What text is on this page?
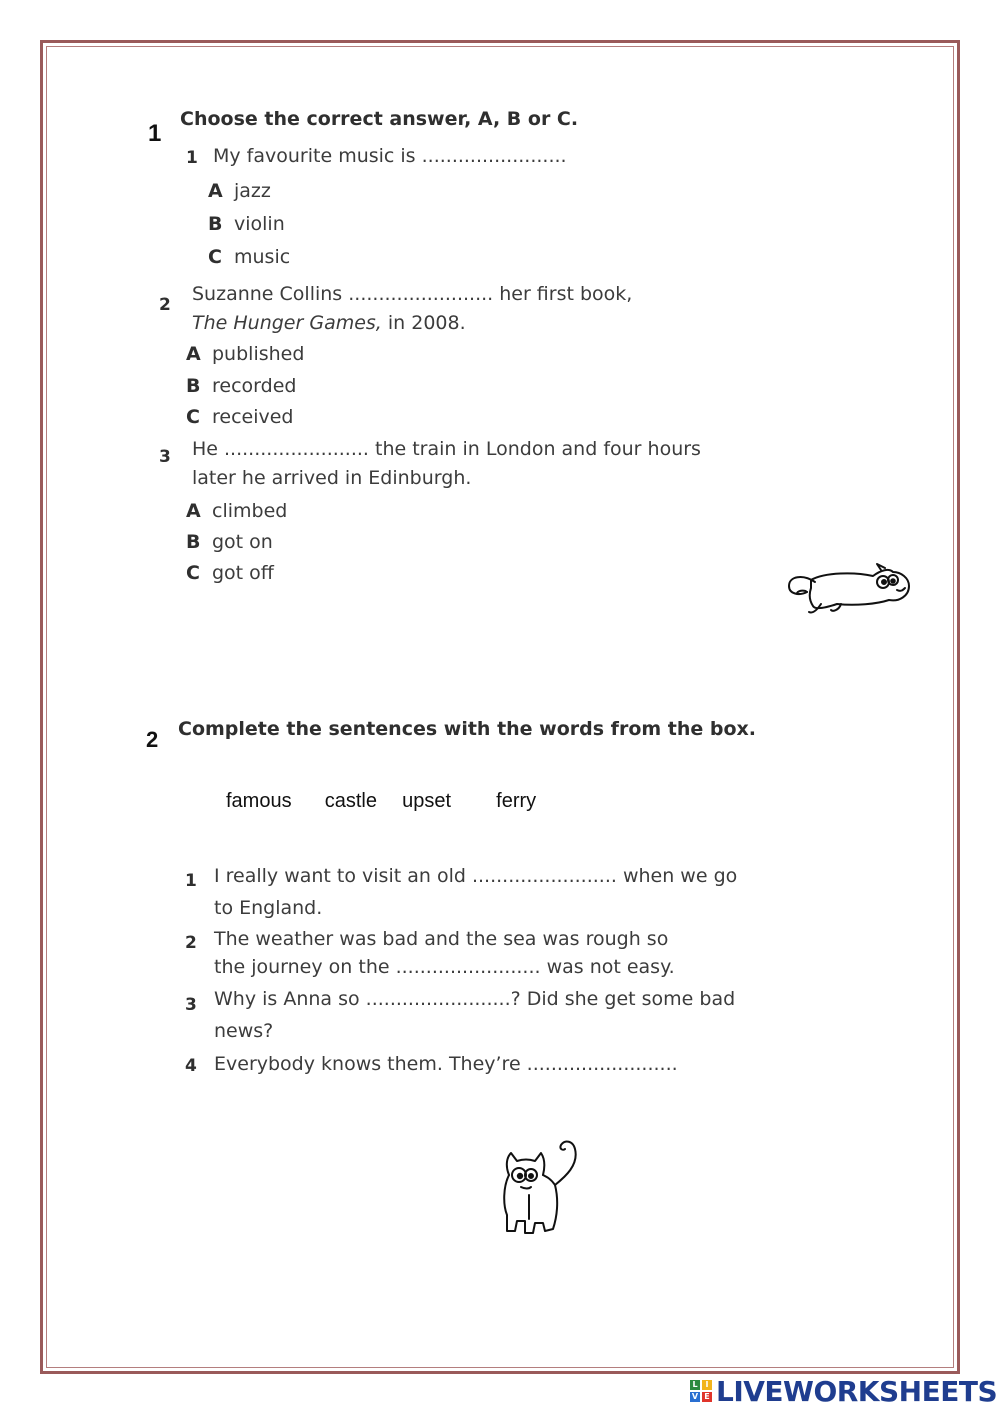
1
Choose the correct answer, A, B or C.
1 My favourite music is ........................
A jazz
B violin
C music
2 Suzanne Collins ........................ her first book,
The Hunger Games, in 2008.
A published
B recorded
C received
3 He ........................ the train in London and four hours
later he arrived in Edinburgh.
A climbed
B got on
C got off
2 Complete the sentences with the words from the box.
famous castle upset ferry
1 I really want to visit an old ........................ when we go
to England.
2 The weather was bad and the sea was rough so
the journey on the ........................ was not easy.
3 Why is Anna so ........................? Did she get some bad
news?
4 Everybody knows them. They’re .........................
L I
V E LIVEWORKSHEETS
